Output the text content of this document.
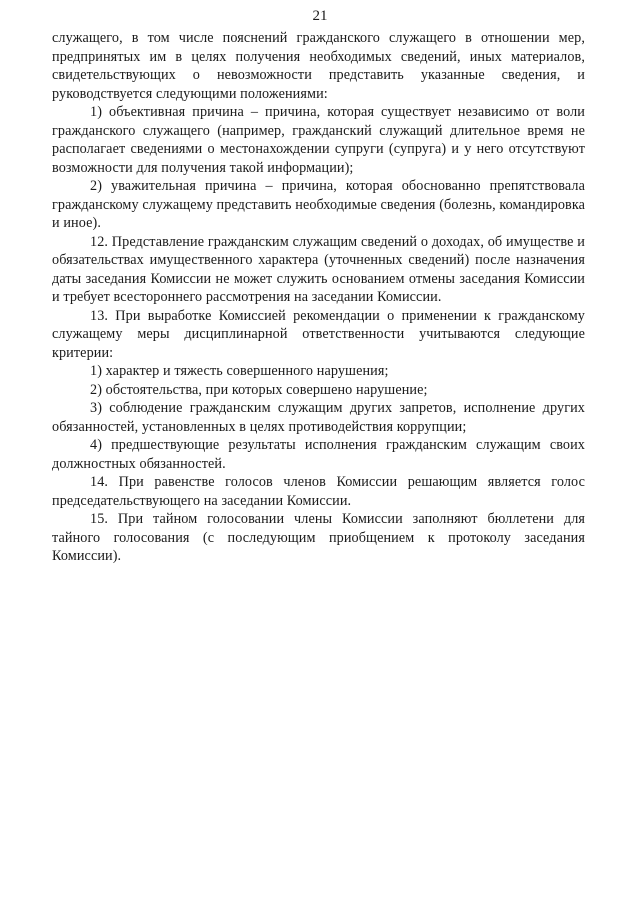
21

служащего, в том числе пояснений гражданского служащего в отношении мер, предпринятых им в целях получения необходимых сведений, иных материалов, свидетельствующих о невозможности представить указанные сведения, и руководствуется следующими положениями:

1) объективная причина – причина, которая существует независимо от воли гражданского служащего (например, гражданский служащий длительное время не располагает сведениями о местонахождении супруги (супруга) и у него отсутствуют возможности для получения такой информации);

2) уважительная причина – причина, которая обоснованно препятствовала гражданскому служащему представить необходимые сведения (болезнь, командировка и иное).

12. Представление гражданским служащим сведений о доходах, об имуществе и обязательствах имущественного характера (уточненных сведений) после назначения даты заседания Комиссии не может служить основанием отмены заседания Комиссии и требует всестороннего рассмотрения на заседании Комиссии.

13. При выработке Комиссией рекомендации о применении к гражданскому служащему меры дисциплинарной ответственности учитываются следующие критерии:

1) характер и тяжесть совершенного нарушения;

2) обстоятельства, при которых совершено нарушение;

3) соблюдение гражданским служащим других запретов, исполнение других обязанностей, установленных в целях противодействия коррупции;

4) предшествующие результаты исполнения гражданским служащим своих должностных обязанностей.

14. При равенстве голосов членов Комиссии решающим является голос председательствующего на заседании Комиссии.

15. При тайном голосовании члены Комиссии заполняют бюллетени для тайного голосования (с последующим приобщением к протоколу заседания Комиссии).
